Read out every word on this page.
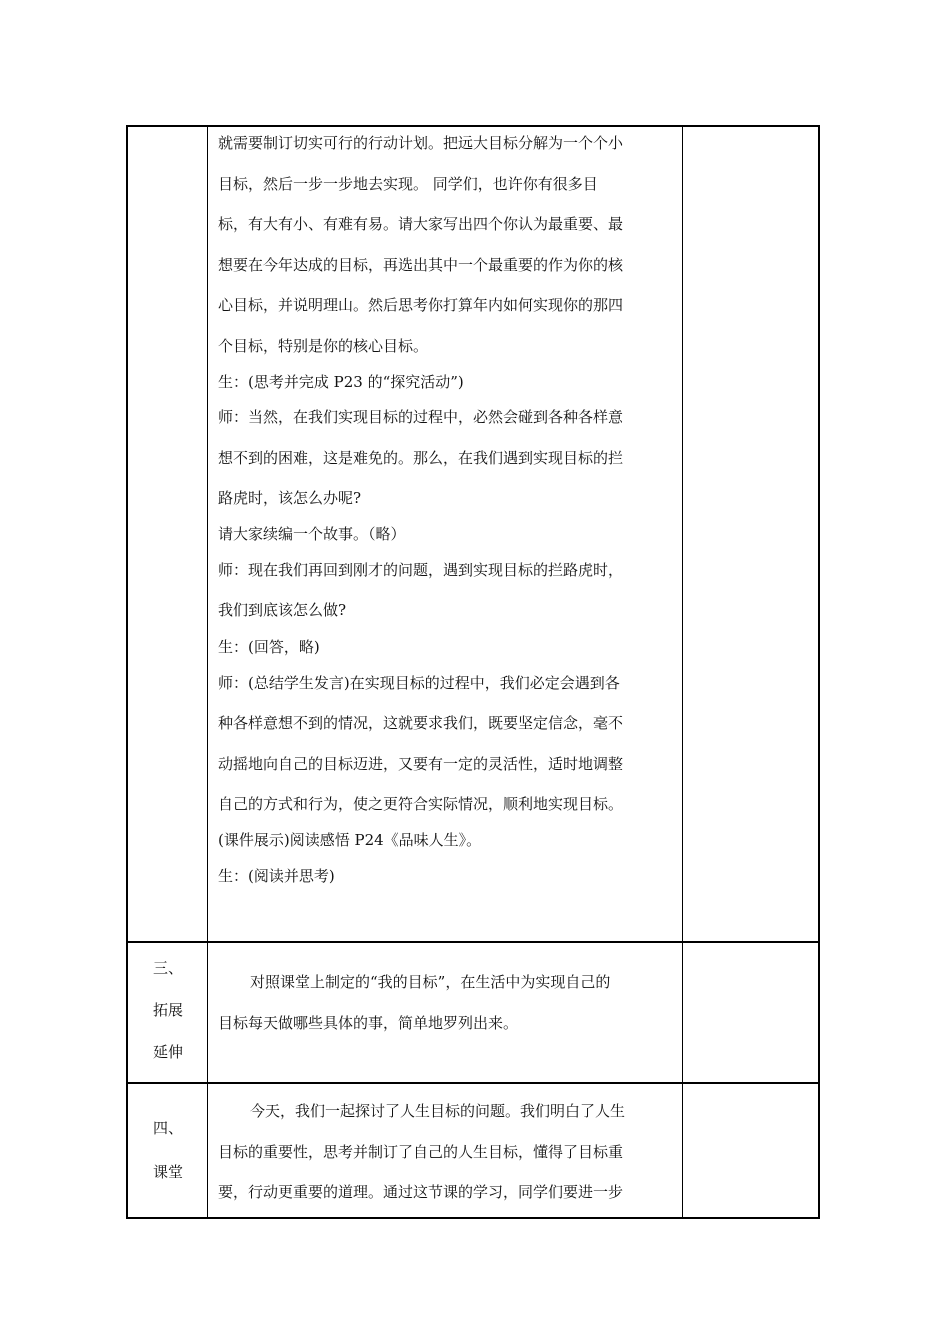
就需要制订切实可行的行动计划。把远大目标分解为一个个小
目标，然后一步一步地去实现。 同学们，也许你有很多目
标，有大有小、有难有易。请大家写出四个你认为最重要、最
想要在今年达成的目标，再选出其中一个最重要的作为你的核
心目标，并说明理山。然后思考你打算年内如何实现你的那四
个目标，特别是你的核心目标。
生：(思考并完成 P23 的“探究活动”)
师：当然，在我们实现目标的过程中，必然会碰到各种各样意
想不到的困难，这是难免的。那么，在我们遇到实现目标的拦
路虎时，该怎么办呢?
请大家续编一个故事。（略）
师：现在我们再回到刚才的问题，遇到实现目标的拦路虎时，
我们到底该怎么做?
生：(回答，略)
师：(总结学生发言)在实现目标的过程中，我们必定会遇到各
种各样意想不到的情况，这就要求我们，既要坚定信念，毫不
动摇地向自己的目标迈进，又要有一定的灵活性，适时地调整
自己的方式和行为，使之更符合实际情况，顺利地实现目标。
(课件展示)阅读感悟 P24《品味人生》。
生：(阅读并思考)
三、
拓展
延伸
对照课堂上制定的“我的目标”，在生活中为实现自己的
目标每天做哪些具体的事，简单地罗列出来。
四、
课堂
今天，我们一起探讨了人生目标的问题。我们明白了人生
目标的重要性，思考并制订了自己的人生目标，懂得了目标重
要，行动更重要的道理。通过这节课的学习，同学们要进一步
